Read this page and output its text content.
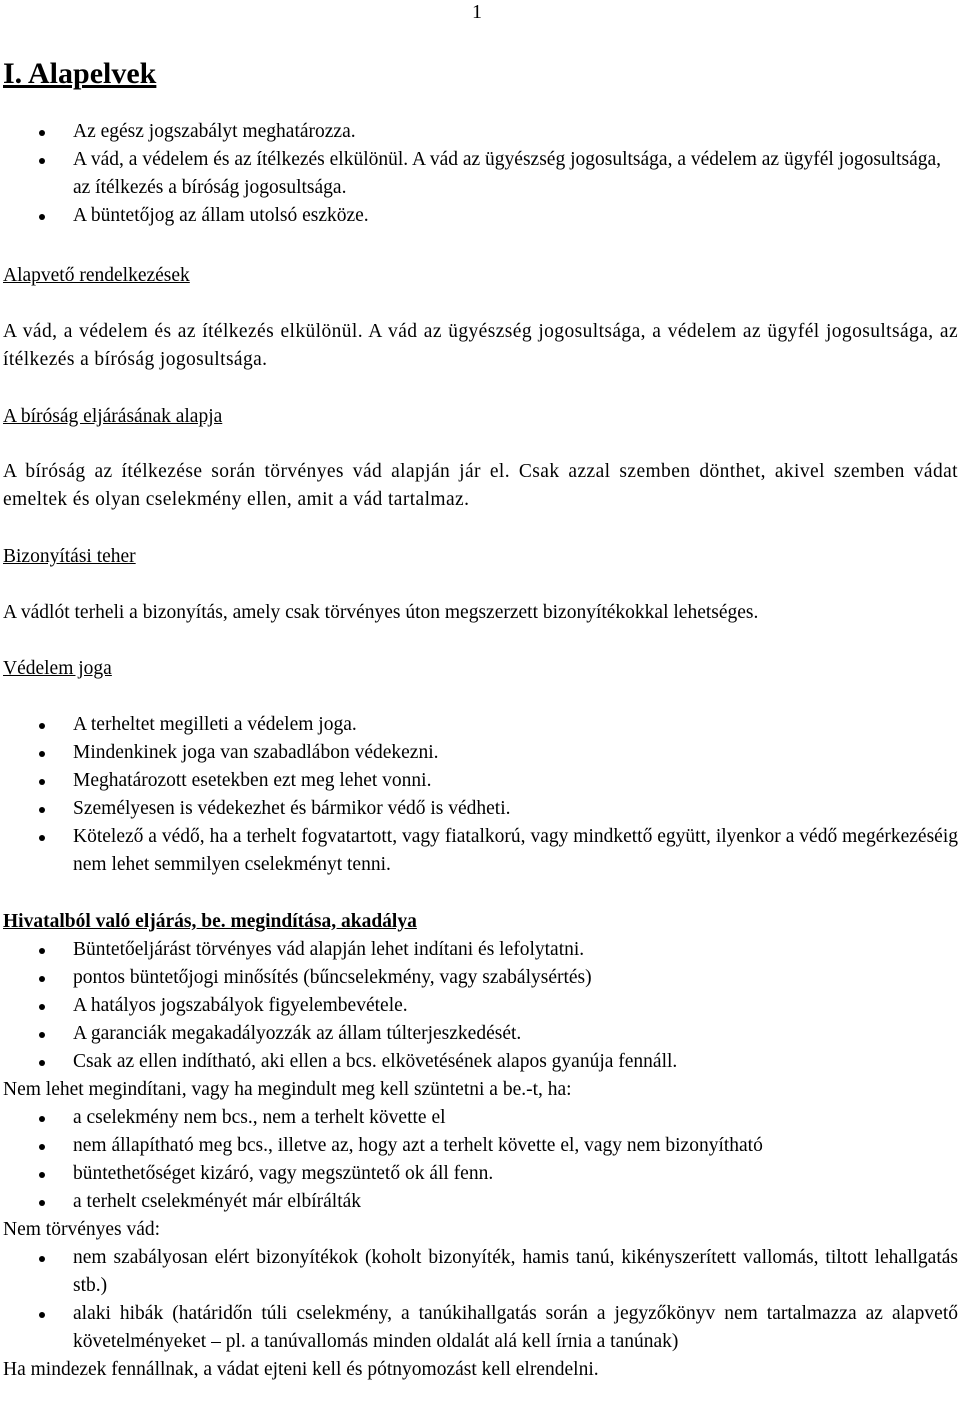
1
I. Alapelvek
Az egész jogszabályt meghatározza.
A vád, a védelem és az ítélkezés elkülönül. A vád az ügyészség jogosultsága, a védelem az ügyfél jogosultsága, az ítélkezés a bíróság jogosultsága.
A büntetőjog az állam utolsó eszköze.
Alapvető rendelkezések

A vád, a védelem és az ítélkezés elkülönül. A vád az ügyészség jogosultsága, a védelem az ügyfél jogosultsága, az ítélkezés a bíróság jogosultsága.

A bíróság eljárásának alapja

A bíróság az ítélkezése során törvényes vád alapján jár el. Csak azzal szemben dönthet, akivel szemben vádat emeltek és olyan cselekmény ellen, amit a vád tartalmaz.

Bizonyítási teher

A vádlót terheli a bizonyítás, amely csak törvényes úton megszerzett bizonyítékokkal lehetséges.

Védelem joga
A terheltet megilleti a védelem joga.
Mindenkinek joga van szabadlábon védekezni.
Meghatározott esetekben ezt meg lehet vonni.
Személyesen is védekezhet és bármikor védő is védheti.
Kötelező a védő, ha a terhelt fogvatartott, vagy fiatalkorú, vagy mindkettő együtt, ilyenkor a védő megérkezéséig nem lehet semmilyen cselekményt tenni.
Hivatalból való eljárás, be. megindítása, akadálya
Büntetőeljárást törvényes vád alapján lehet indítani és lefolytatni.
pontos büntetőjogi minősítés (bűncselekmény, vagy szabálysértés)
A hatályos jogszabályok figyelembevétele.
A garanciák megakadályozzák az állam túlterjeszkedését.
Csak az ellen indítható, aki ellen a bcs. elkövetésének alapos gyanúja fennáll.

Nem lehet megindítani, vagy ha megindult meg kell szüntetni a be.-t, ha:

a cselekmény nem bcs., nem a terhelt követte el
nem állapítható meg bcs., illetve az, hogy azt a terhelt követte el, vagy nem bizonyítható
büntethetőséget kizáró, vagy megszüntető ok áll fenn.
a terhelt cselekményét már elbírálták

Nem törvényes vád:

nem szabályosan elért bizonyítékok (koholt bizonyíték, hamis tanú, kikényszerített vallomás, tiltott lehallgatás stb.)
alaki hibák (határidőn túli cselekmény, a tanúkihallgatás során a jegyzőkönyv nem tartalmazza az alapvető követelményeket – pl. a tanúvallomás minden oldalát alá kell írnia a tanúnak)

Ha mindezek fennállnak, a vádat ejteni kell és pótnyomozást kell elrendelni.
